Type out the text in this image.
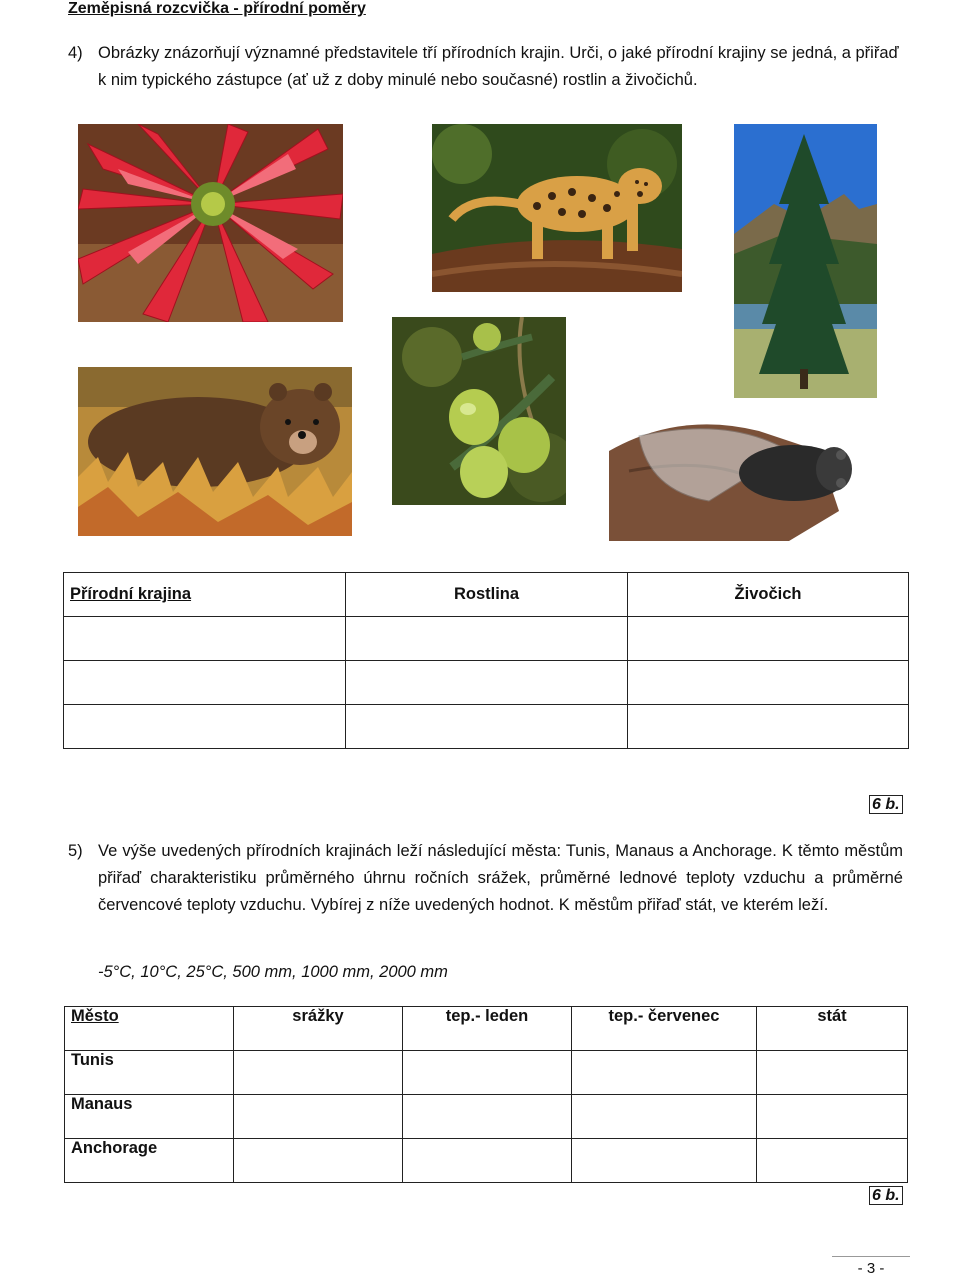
Zeměpisná rozcvička - přírodní poměry
4) Obrázky znázorňují významné představitele tří přírodních krajin. Urči, o jaké přírodní krajiny se jedná, a přiřaď k nim typického zástupce (ať už z doby minulé nebo současné) rostlin a živočichů.
Přírodní krajina	Rostlina	Živočich

6 b.
5) Ve výše uvedených přírodních krajinách leží následující města: Tunis, Manaus a Anchorage. K těmto městům přiřaď charakteristiku průměrného úhrnu ročních srážek, průměrné lednové teploty vzduchu a průměrné červencové teploty vzduchu. Vybírej z níže uvedených hodnot. K městům přiřaď stát, ve kterém leží.
-5°C, 10°C, 25°C, 500 mm, 1000 mm, 2000 mm
Město	srážky	tep.- leden	tep.- červenec	stát
Tunis				
Manaus				
Anchorage				
6 b.
- 3 -
